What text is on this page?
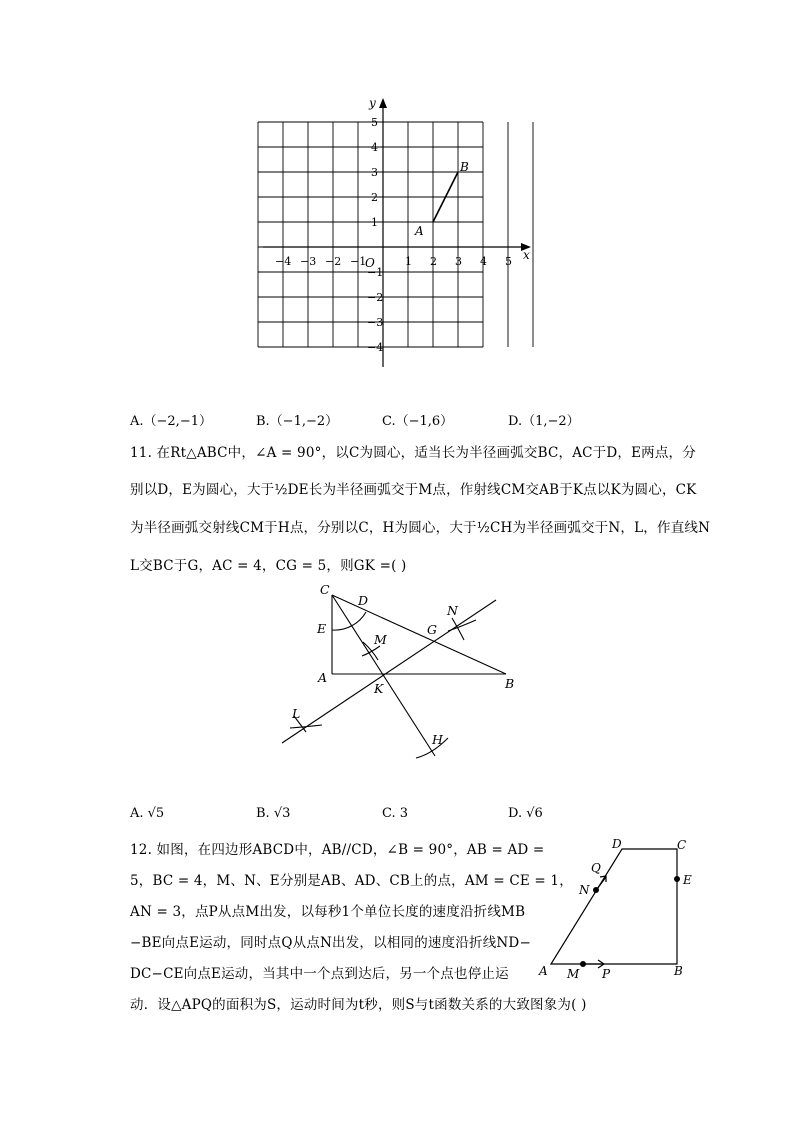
x
y
O
−4 −3 −2 −1	1 2 3 4 5
5
4
3
2
1
−1
−2
−3
−4
A
B
A.（−2,−1）	B.（−1,−2）	C.（−1,6）	D.（1,−2）
11. 在Rt△ABC中，∠A = 90°，以C为圆心，适当长为半径画弧交BC，AC于D，E两点，分
别以D，E为圆心，大于½DE长为半径画弧交于M点，作射线CM交AB于K点以K为圆心，CK
为半径画弧交射线CM于H点，分别以C，H为圆心，大于½CH为半径画弧交于N，L，作直线N
L交BC于G，AC = 4，CG = 5，则GK =( )
C
D
E
M
N
G
A
K	B
L
H
A. √5	B. √3	C. 3	D. √6
12. 如图，在四边形ABCD中，AB//CD，∠B = 90°，AB = AD =
5，BC = 4，M、N、E分别是AB、AD、CB上的点，AM = CE = 1，
AN = 3，点P从点M出发，以每秒1个单位长度的速度沿折线MB
−BE向点E运动，同时点Q从点N出发，以相同的速度沿折线ND−
DC−CE向点E运动，当其中一个点到达后，另一个点也停止运
动．设△APQ的面积为S，运动时间为t秒，则S与t函数关系的大致图象为( )
A M P	B
E
C
D
Q
N
